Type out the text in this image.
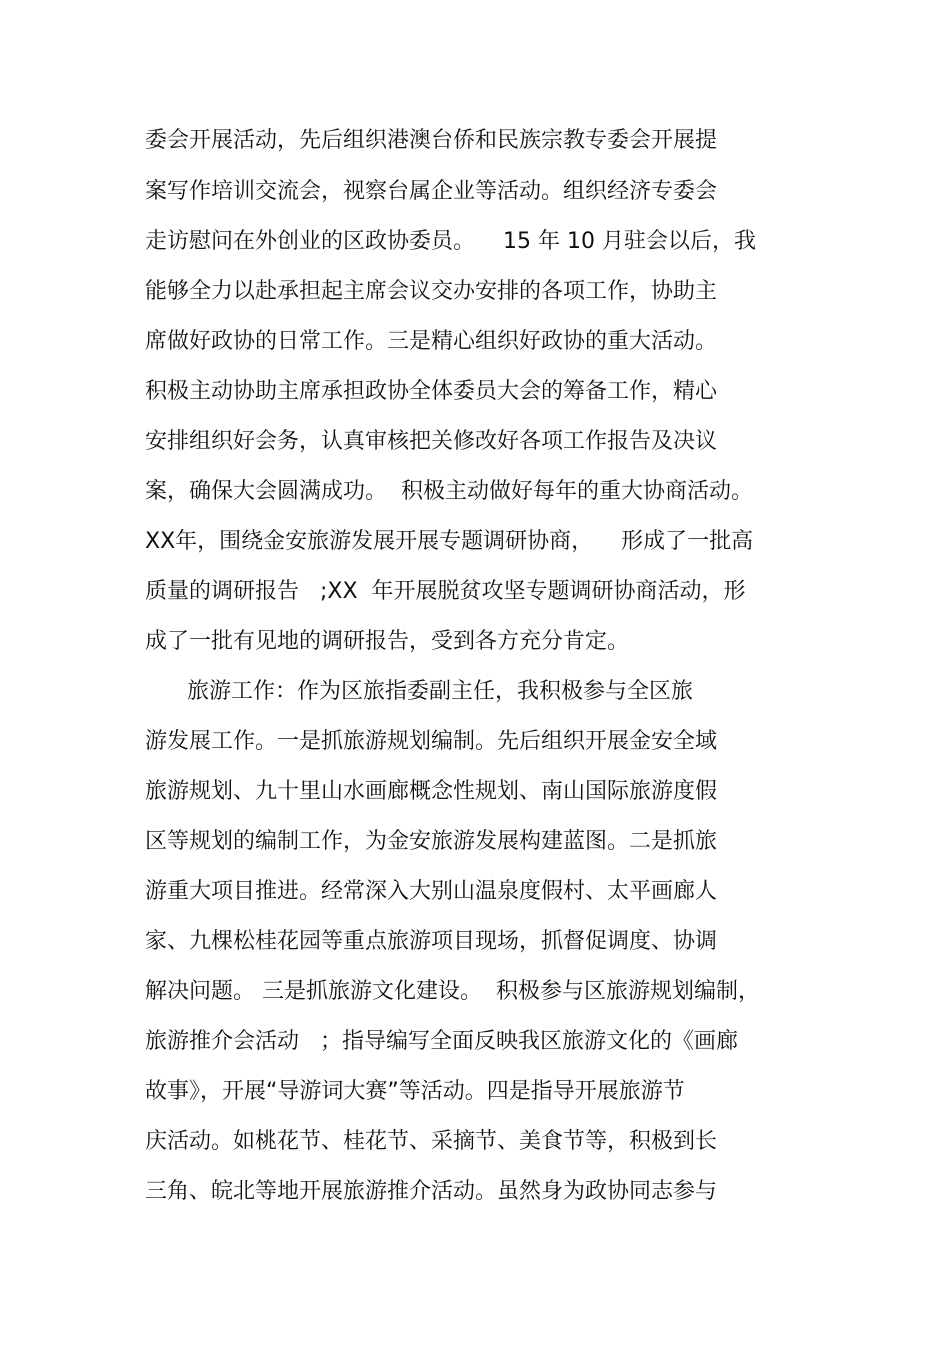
委会开展活动，先后组织港澳台侨和民族宗教专委会开展提
案写作培训交流会，视察台属企业等活动。组织经济专委会
走访慰问在外创业的区政协委员。    15 年 10 月驻会以后，我
能够全力以赴承担起主席会议交办安排的各项工作，协助主
席做好政协的日常工作。三是精心组织好政协的重大活动。
积极主动协助主席承担政协全体委员大会的筹备工作，精心
安排组织好会务，认真审核把关修改好各项工作报告及决议
案，确保大会圆满成功。  积极主动做好每年的重大协商活动。
XX年，围绕金安旅游发展开展专题调研协商，    形成了一批高
质量的调研报告   ;XX  年开展脱贫攻坚专题调研协商活动，形
成了一批有见地的调研报告，受到各方充分肯定。
旅游工作：作为区旅指委副主任，我积极参与全区旅
游发展工作。一是抓旅游规划编制。先后组织开展金安全域
旅游规划、九十里山水画廊概念性规划、南山国际旅游度假
区等规划的编制工作，为金安旅游发展构建蓝图。二是抓旅
游重大项目推进。经常深入大别山温泉度假村、太平画廊人
家、九棵松桂花园等重点旅游项目现场，抓督促调度、协调
解决问题。 三是抓旅游文化建设。  积极参与区旅游规划编制，
旅游推介会活动   ；指导编写全面反映我区旅游文化的《画廊
故事》，开展“导游词大赛”等活动。四是指导开展旅游节
庆活动。如桃花节、桂花节、采摘节、美食节等，积极到长
三角、皖北等地开展旅游推介活动。虽然身为政协同志参与
